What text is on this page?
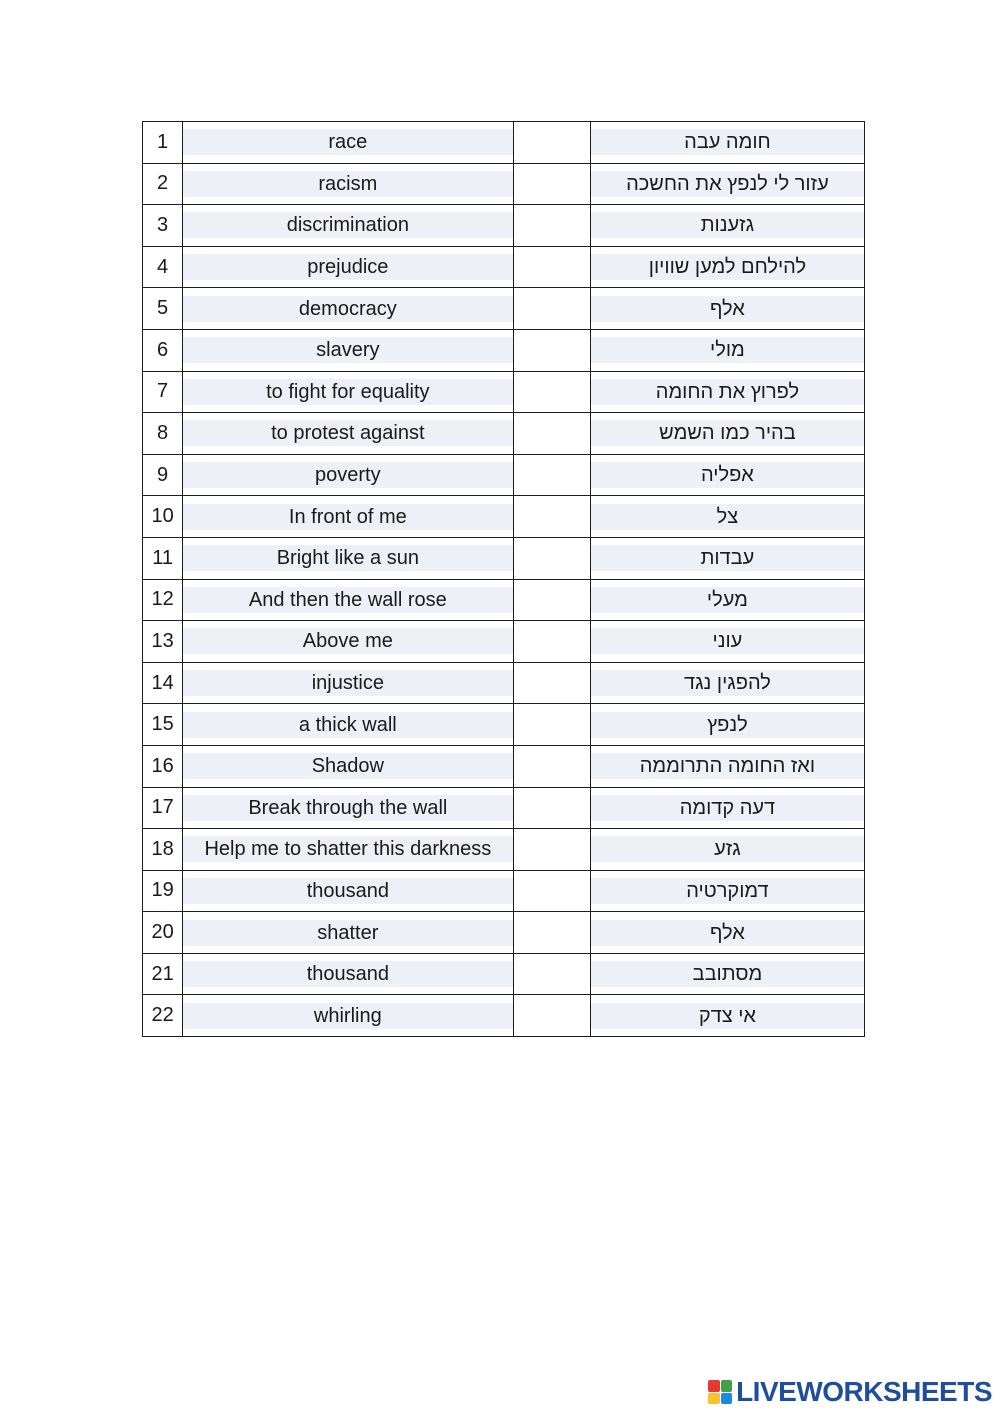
1	race		חומה עבה

2	racism		עזור לי לנפץ את החשכה

3	discrimination		גזענות

4	prejudice		להילחם למען שוויון

5	democracy		אלף

6	slavery		מולי

7	to fight for equality		לפרוץ את החומה

8	to protest against		בהיר כמו השמש

9	poverty		אפליה

10	In front of me		צל

11	Bright like a sun		עבדות

12	And then the wall rose		מעלי

13	Above me		עוני

14	injustice		להפגין נגד

15	a thick wall		לנפץ

16	Shadow		ואז החומה התרוממה

17	Break through the wall		דעה קדומה

18	Help me to shatter this darkness		גזע

19	thousand		דמוקרטיה

20	shatter		אלף

21	thousand		מסתובב

22	whirling		אי צדק
LIVEWORKSHEETS
